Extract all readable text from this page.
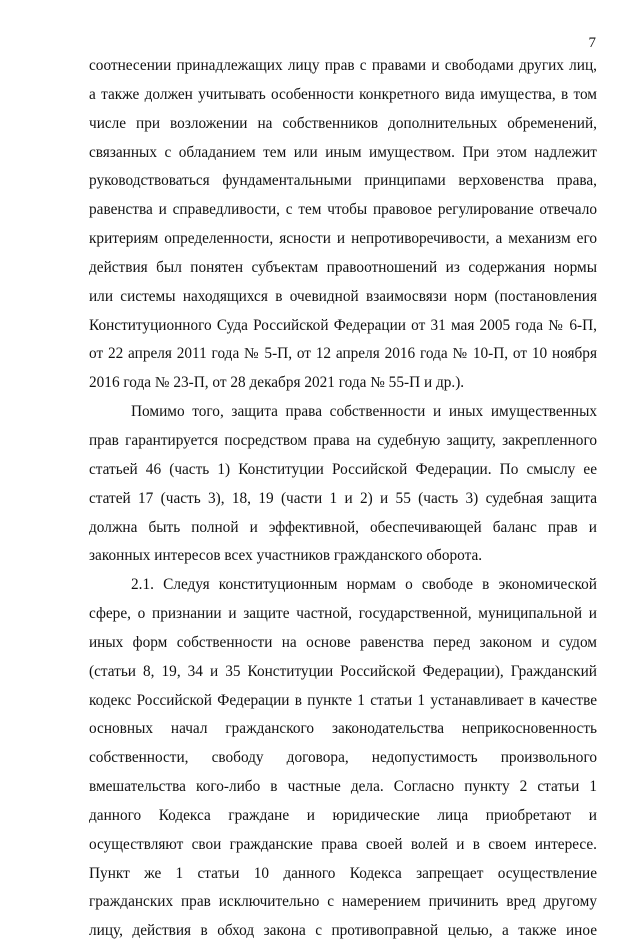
7
соотнесении принадлежащих лицу прав с правами и свободами других лиц,
а также должен учитывать особенности конкретного вида имущества, в том
числе при возложении на собственников дополнительных обременений,
связанных с обладанием тем или иным имуществом. При этом надлежит
руководствоваться фундаментальными принципами верховенства права,
равенства и справедливости, с тем чтобы правовое регулирование отвечало
критериям определенности, ясности и непротиворечивости, а механизм его
действия был понятен субъектам правоотношений из содержания нормы
или системы находящихся в очевидной взаимосвязи норм (постановления
Конституционного Суда Российской Федерации от 31 мая 2005 года № 6-П,
от 22 апреля 2011 года № 5-П, от 12 апреля 2016 года № 10-П, от 10 ноября
2016 года № 23-П, от 28 декабря 2021 года № 55-П и др.).
Помимо того, защита права собственности и иных имущественных
прав гарантируется посредством права на судебную защиту, закрепленного
статьей 46 (часть 1) Конституции Российской Федерации. По смыслу ее
статей 17 (часть 3), 18, 19 (части 1 и 2) и 55 (часть 3) судебная защита
должна быть полной и эффективной, обеспечивающей баланс прав и
законных интересов всех участников гражданского оборота.
2.1. Следуя конституционным нормам о свободе в экономической
сфере, о признании и защите частной, государственной, муниципальной и
иных форм собственности на основе равенства перед законом и судом
(статьи 8, 19, 34 и 35 Конституции Российской Федерации), Гражданский
кодекс Российской Федерации в пункте 1 статьи 1 устанавливает в качестве
основных начал гражданского законодательства неприкосновенность
собственности, свободу договора, недопустимость произвольного
вмешательства кого-либо в частные дела. Согласно пункту 2 статьи 1
данного Кодекса граждане и юридические лица приобретают и
осуществляют свои гражданские права своей волей и в своем интересе.
Пункт же 1 статьи 10 данного Кодекса запрещает осуществление
гражданских прав исключительно с намерением причинить вред другому
лицу, действия в обход закона с противоправной целью, а также иное
